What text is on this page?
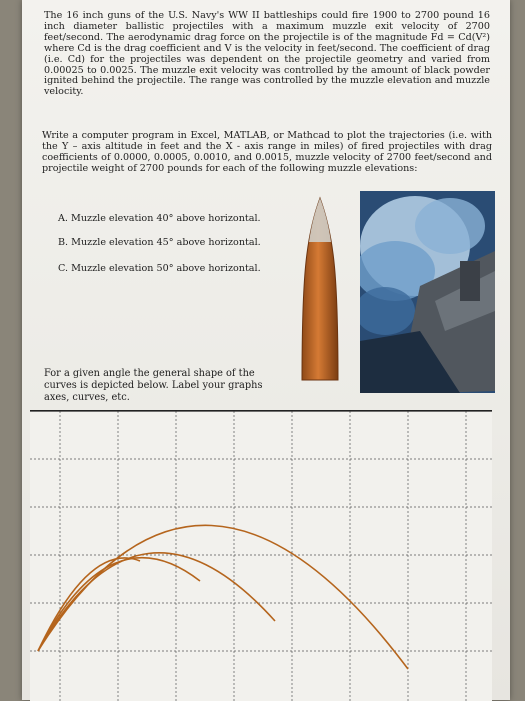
The 16 inch guns of the U.S. Navy's WW II battleships could fire 1900 to 2700 pound 16 inch diameter ballistic projectiles with a maximum muzzle exit velocity of 2700 feet/second. The aerodynamic drag force on the projectile is of the magnitude Fd = Cd(V²) where Cd is the drag coefficient and V is the velocity in feet/second. The coefficient of drag (i.e. Cd) for the projectiles was dependent on the projectile geometry and varied from 0.00025 to 0.0025. The muzzle exit velocity was controlled by the amount of black powder ignited behind the projectile. The range was controlled by the muzzle elevation and muzzle velocity.

Write a computer program in Excel, MATLAB, or Mathcad to plot the trajectories (i.e. with the Y – axis altitude in feet and the X - axis range in miles) of fired projectiles with drag coefficients of 0.0000, 0.0005, 0.0010, and 0.0015, muzzle velocity of 2700 feet/second and projectile weight of 2700 pounds for each of the following muzzle elevations:

A. Muzzle elevation 40° above horizontal.

B. Muzzle elevation 45° above horizontal.

C. Muzzle elevation 50° above horizontal.

For a given angle the general shape of the curves is depicted below. Label your graphs axes, curves, etc.
